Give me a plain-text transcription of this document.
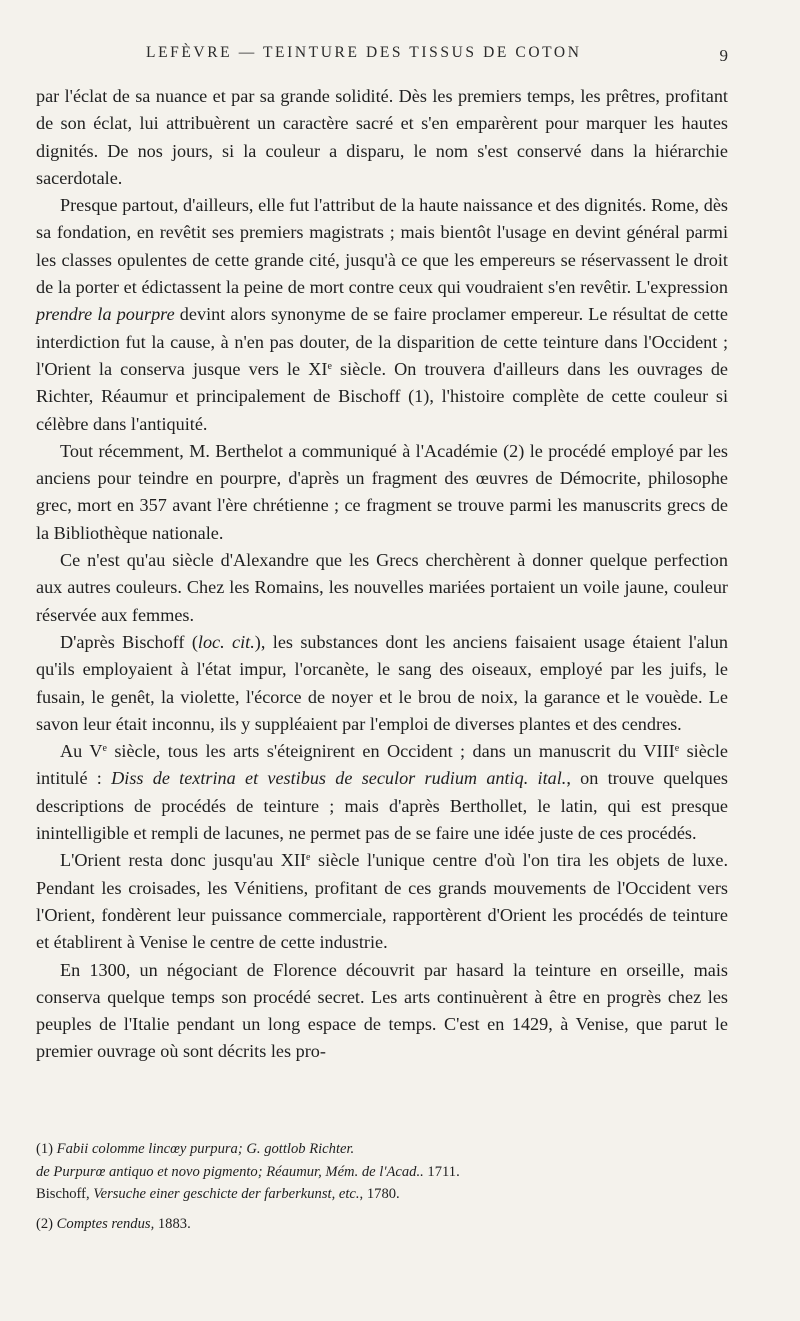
LEFÈVRE — TEINTURE DES TISSUS DE COTON	9

par l'éclat de sa nuance et par sa grande solidité. Dès les premiers temps, les prêtres, profitant de son éclat, lui attribuèrent un caractère sacré et s'en emparèrent pour marquer les hautes dignités. De nos jours, si la couleur a disparu, le nom s'est conservé dans la hiérarchie sacerdotale.

Presque partout, d'ailleurs, elle fut l'attribut de la haute naissance et des dignités. Rome, dès sa fondation, en revêtit ses premiers magistrats ; mais bientôt l'usage en devint général parmi les classes opulentes de cette grande cité, jusqu'à ce que les empereurs se réservassent le droit de la porter et édictassent la peine de mort contre ceux qui voudraient s'en revêtir. L'expression prendre la pourpre devint alors synonyme de se faire proclamer empereur. Le résultat de cette interdiction fut la cause, à n'en pas douter, de la disparition de cette teinture dans l'Occident ; l'Orient la conserva jusque vers le XIe siècle. On trouvera d'ailleurs dans les ouvrages de Richter, Réaumur et principalement de Bischoff (1), l'histoire complète de cette couleur si célèbre dans l'antiquité.

Tout récemment, M. Berthelot a communiqué à l'Académie (2) le procédé employé par les anciens pour teindre en pourpre, d'après un fragment des œuvres de Démocrite, philosophe grec, mort en 357 avant l'ère chrétienne ; ce fragment se trouve parmi les manuscrits grecs de la Bibliothèque nationale.

Ce n'est qu'au siècle d'Alexandre que les Grecs cherchèrent à donner quelque perfection aux autres couleurs. Chez les Romains, les nouvelles mariées portaient un voile jaune, couleur réservée aux femmes.

D'après Bischoff (loc. cit.), les substances dont les anciens faisaient usage étaient l'alun qu'ils employaient à l'état impur, l'orcanète, le sang des oiseaux, employé par les juifs, le fusain, le genêt, la violette, l'écorce de noyer et le brou de noix, la garance et le vouède. Le savon leur était inconnu, ils y suppléaient par l'emploi de diverses plantes et des cendres.

Au Ve siècle, tous les arts s'éteignirent en Occident ; dans un manuscrit du VIIIe siècle intitulé : Diss de textrina et vestibus de seculor rudium antiq. ital., on trouve quelques descriptions de procédés de teinture ; mais d'après Berthollet, le latin, qui est presque inintelligible et rempli de lacunes, ne permet pas de se faire une idée juste de ces procédés.

L'Orient resta donc jusqu'au XIIe siècle l'unique centre d'où l'on tira les objets de luxe. Pendant les croisades, les Vénitiens, profitant de ces grands mouvements de l'Occident vers l'Orient, fondèrent leur puissance commerciale, rapportèrent d'Orient les procédés de teinture et établirent à Venise le centre de cette industrie.

En 1300, un négociant de Florence découvrit par hasard la teinture en orseille, mais conserva quelque temps son procédé secret. Les arts continuèrent à être en progrès chez les peuples de l'Italie pendant un long espace de temps. C'est en 1429, à Venise, que parut le premier ouvrage où sont décrits les pro-

(1) Fabii colomme lincœy purpura; G. gottlob Richter.

de Purpurœ antiquo et novo pigmento; Réaumur, Mém. de l'Acad.. 1711.

Bischoff, Versuche einer geschicte der farberkunst, etc., 1780.

(2) Comptes rendus, 1883.
